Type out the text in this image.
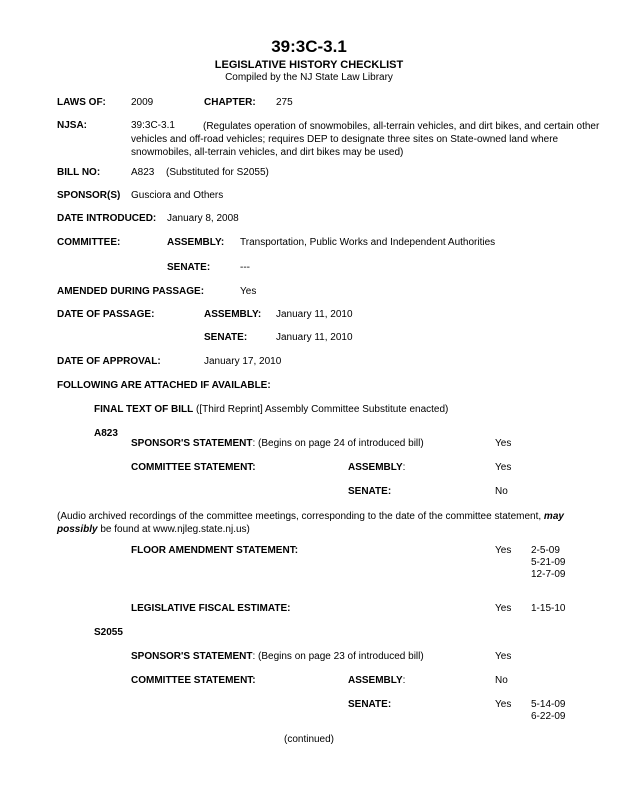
39:3C-3.1
LEGISLATIVE HISTORY CHECKLIST
Compiled by the NJ State Law Library
LAWS OF:	2009	CHAPTER: 275
NJSA:	39:3C-3.1	(Regulates operation of snowmobiles, all-terrain vehicles, and dirt bikes, and certain other vehicles and off-road vehicles; requires DEP to designate three sites on State-owned land where snowmobiles, all-terrain vehicles, and dirt bikes may be used)
BILL NO:	A823 (Substituted for S2055)
SPONSOR(S) Gusciora and Others
DATE INTRODUCED: January 8, 2008
COMMITTEE:	ASSEMBLY: Transportation, Public Works and Independent Authorities
SENATE:	---
AMENDED DURING PASSAGE:	Yes
DATE OF PASSAGE:	ASSEMBLY: January 11, 2010
SENATE:	January 11, 2010
DATE OF APPROVAL:	January 17, 2010
FOLLOWING ARE ATTACHED IF AVAILABLE:
FINAL TEXT OF BILL ([Third Reprint] Assembly Committee Substitute enacted)
A823
SPONSOR'S STATEMENT: (Begins on page 24 of introduced bill)	Yes
COMMITTEE STATEMENT:	ASSEMBLY:	Yes
SENATE:	No
(Audio archived recordings of the committee meetings, corresponding to the date of the committee statement, may possibly be found at www.njleg.state.nj.us)
FLOOR AMENDMENT STATEMENT:	Yes 2-5-09
5-21-09
12-7-09
LEGISLATIVE FISCAL ESTIMATE:	Yes 1-15-10
S2055
SPONSOR'S STATEMENT: (Begins on page 23 of introduced bill)	Yes
COMMITTEE STATEMENT:	ASSEMBLY:	No
SENATE:	Yes 5-14-09
6-22-09
(continued)
